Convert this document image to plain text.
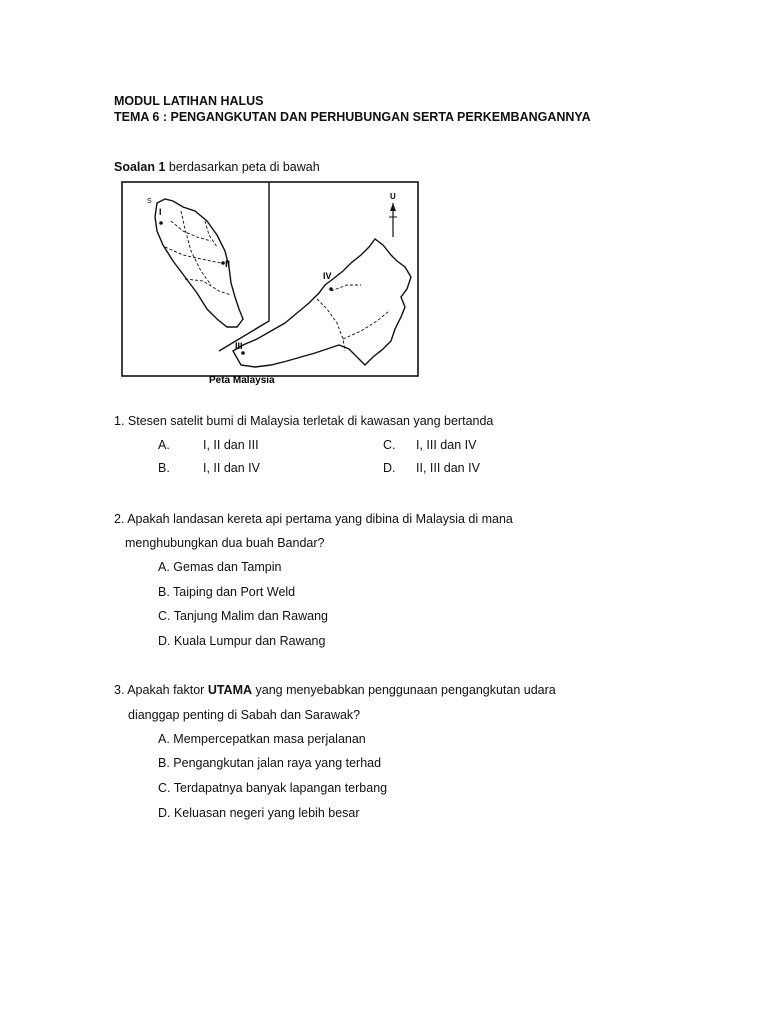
MODUL LATIHAN HALUS
TEMA 6 : PENGANGKUTAN DAN PERHUBUNGAN SERTA PERKEMBANGANNYA
Soalan 1 berdasarkan peta di bawah
I
S
II
III
IV
U
Peta Malaysia
1. Stesen satelit bumi di Malaysia terletak di kawasan yang bertanda
A.	I, II dan III	C. I, III dan IV
B.	I, II dan IV	D. II, III dan IV
2. Apakah landasan kereta api pertama yang dibina di Malaysia di mana
menghubungkan dua buah Bandar?
A. Gemas dan Tampin
B. Taiping dan Port Weld
C. Tanjung Malim dan Rawang
D. Kuala Lumpur dan Rawang
3. Apakah faktor UTAMA yang menyebabkan penggunaan pengangkutan udara
dianggap penting di Sabah dan Sarawak?
A. Mempercepatkan masa perjalanan
B. Pengangkutan jalan raya yang terhad
C. Terdapatnya banyak lapangan terbang
D. Keluasan negeri yang lebih besar
